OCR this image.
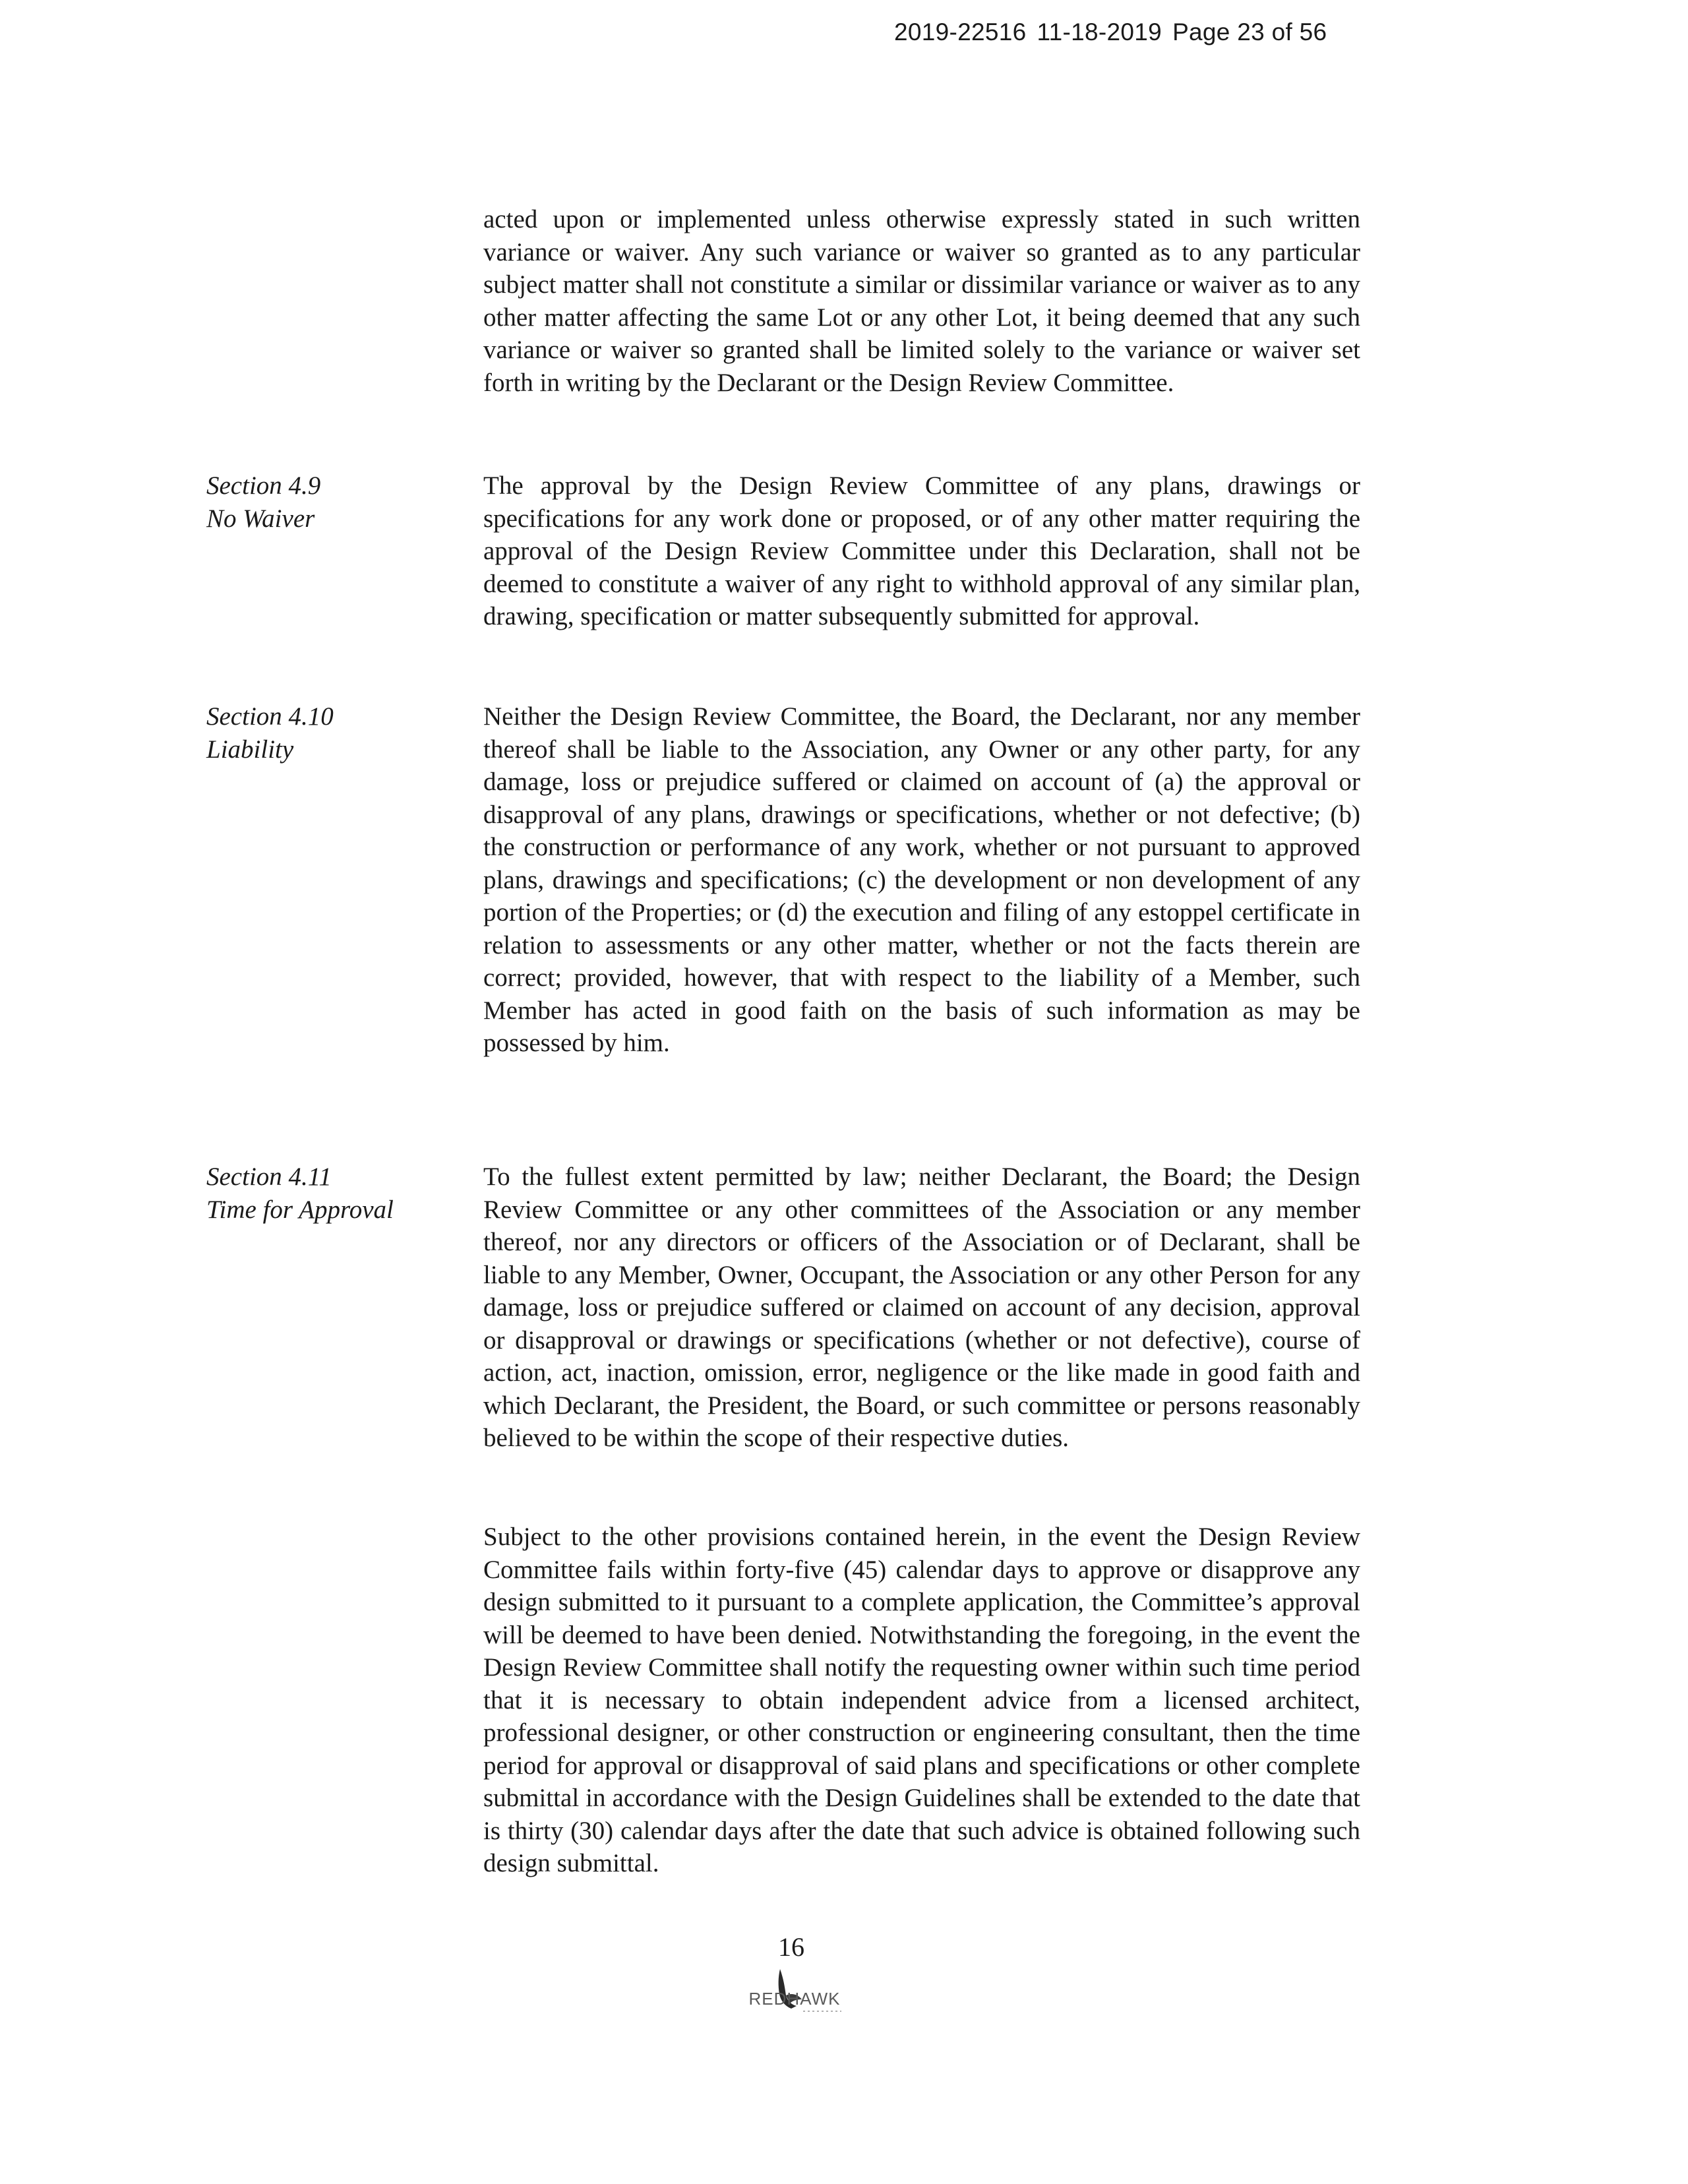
2019-22516 11-18-2019 Page 23 of 56

acted upon or implemented unless otherwise expressly stated in such written variance or waiver. Any such variance or waiver so granted as to any particular subject matter shall not constitute a similar or dissimilar variance or waiver as to any other matter affecting the same Lot or any other Lot, it being deemed that any such variance or waiver so granted shall be limited solely to the variance or waiver set forth in writing by the Declarant or the Design Review Committee.

Section 4.9
No Waiver

The approval by the Design Review Committee of any plans, drawings or specifications for any work done or proposed, or of any other matter requiring the approval of the Design Review Committee under this Declaration, shall not be deemed to constitute a waiver of any right to withhold approval of any similar plan, drawing, specification or matter subsequently submitted for approval.

Section 4.10
Liability

Neither the Design Review Committee, the Board, the Declarant, nor any member thereof shall be liable to the Association, any Owner or any other party, for any damage, loss or prejudice suffered or claimed on account of (a) the approval or disapproval of any plans, drawings or specifications, whether or not defective; (b) the construction or performance of any work, whether or not pursuant to approved plans, drawings and specifications; (c) the development or non development of any portion of the Properties; or (d) the execution and filing of any estoppel certificate in relation to assessments or any other matter, whether or not the facts therein are correct; provided, however, that with respect to the liability of a Member, such Member has acted in good faith on the basis of such information as may be possessed by him.

Section 4.11
Time for Approval

To the fullest extent permitted by law; neither Declarant, the Board; the Design Review Committee or any other committees of the Association or any member thereof, nor any directors or officers of the Association or of Declarant, shall be liable to any Member, Owner, Occupant, the Association or any other Person for any damage, loss or prejudice suffered or claimed on account of any decision, approval or disapproval or drawings or specifications (whether or not defective), course of action, act, inaction, omission, error, negligence or the like made in good faith and which Declarant, the President, the Board, or such committee or persons reasonably believed to be within the scope of their respective duties.

Subject to the other provisions contained herein, in the event the Design Review Committee fails within forty-five (45) calendar days to approve or disapprove any design submitted to it pursuant to a complete application, the Committee’s approval will be deemed to have been denied. Notwithstanding the foregoing, in the event the Design Review Committee shall notify the requesting owner within such time period that it is necessary to obtain independent advice from a licensed architect, professional designer, or other construction or engineering consultant, then the time period for approval or disapproval of said plans and specifications or other complete submittal in accordance with the Design Guidelines shall be extended to the date that is thirty (30) calendar days after the date that such advice is obtained following such design submittal.

16
REDHAWK
